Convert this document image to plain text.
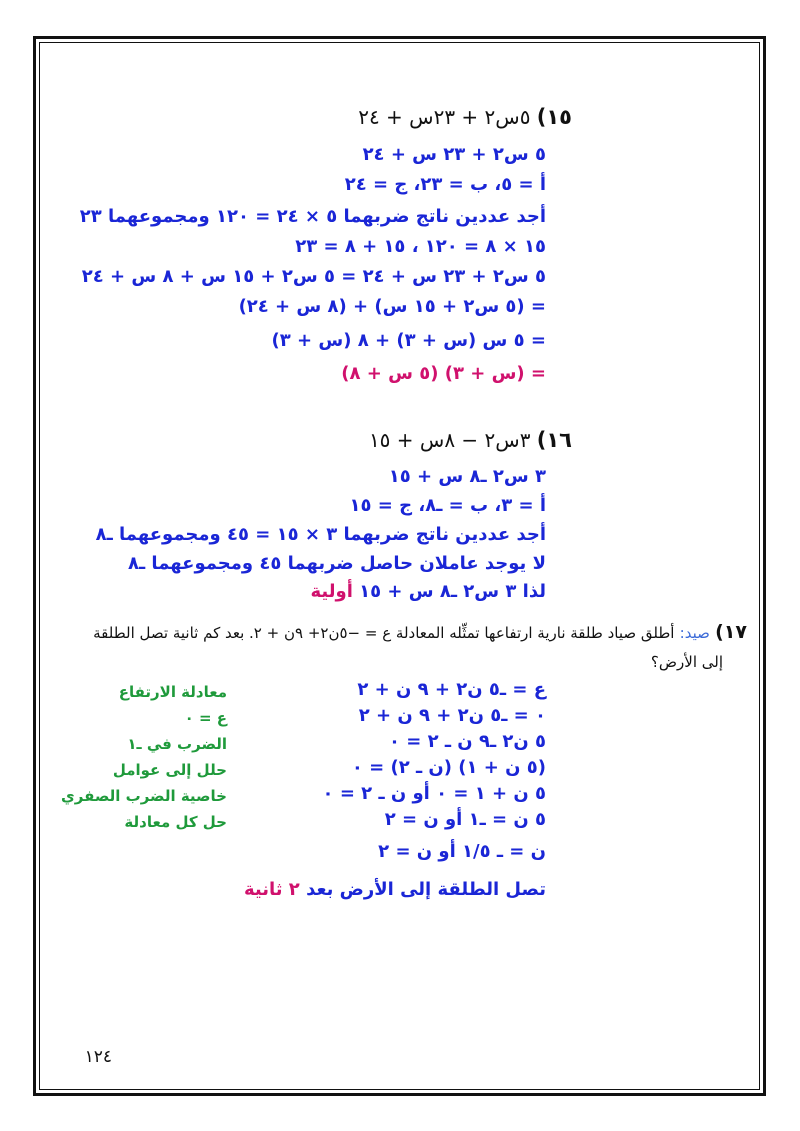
١٥) ٥س٢ + ٢٣س + ٢٤
٥ س٢ + ٢٣ س + ٢٤
أ = ٥، ب = ٢٣، ج = ٢٤
أجد عددين ناتج ضربهما ٥ × ٢٤ = ١٢٠ ومجموعهما ٢٣
١٥ × ٨ = ١٢٠ ، ١٥ + ٨ = ٢٣
٥ س٢ + ٢٣ س + ٢٤ = ٥ س٢ + ١٥ س + ٨ س + ٢٤
= (٥ س٢ + ١٥ س) + (٨ س + ٢٤)
= ٥ س (س + ٣) + ٨ (س + ٣)
= (س + ٣) (٥ س + ٨)
١٦) ٣س٢ − ٨س + ١٥
٣ س٢ ـ٨ س + ١٥
أ = ٣، ب = ـ٨، ج = ١٥
أجد عددين ناتج ضربهما ٣ × ١٥ = ٤٥ ومجموعهما ـ٨
لا يوجد عاملان حاصل ضربهما ٤٥ ومجموعهما ـ٨
لذا ٣ س٢ ـ٨ س + ١٥ أولية
١٧) صيد: أطلق صياد طلقة نارية ارتفاعها تمثِّله المعادلة ع = −٥ن٢+ ٩ن + ٢. بعد كم ثانية تصل الطلقة
إلى الأرض؟
ع = ـ٥ ن٢ + ٩ ن + ٢
معادلة الارتفاع
٠ = ـ٥ ن٢ + ٩ ن + ٢
ع = ٠
٥ ن٢ ـ٩ ن ـ ٢ = ٠
الضرب في ـ١
(٥ ن + ١) (ن ـ ٢) = ٠
حلل إلى عوامل
٥ ن + ١ = ٠ أو ن ـ ٢ = ٠
خاصية الضرب الصفري
٥ ن = ـ١ أو ن = ٢
حل كل معادلة
ن = ـ ١/٥ أو ن = ٢
تصل الطلقة إلى الأرض بعد ٢ ثانية
١٢٤
